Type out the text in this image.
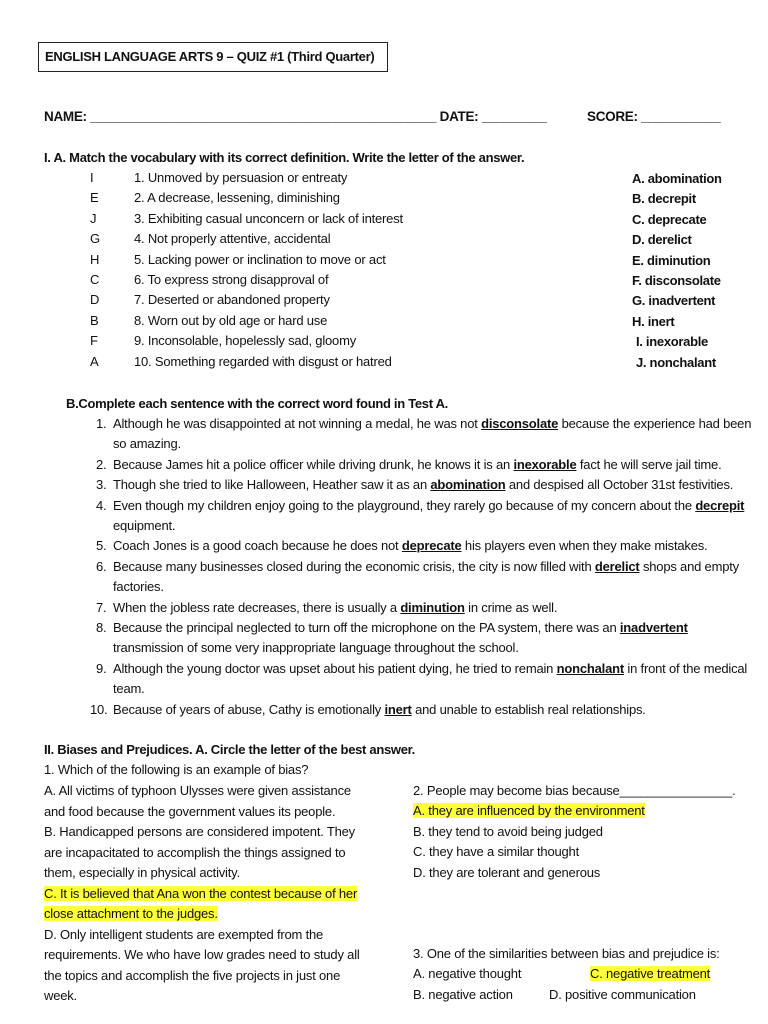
ENGLISH LANGUAGE ARTS 9 – QUIZ #1 (Third Quarter)
NAME: ________________________________________________ DATE: _________	SCORE: ___________
I. A. Match the vocabulary with its correct definition. Write the letter of the answer.
I	1. Unmoved by persuasion or entreaty	A. abomination
E	2. A decrease, lessening, diminishing	B. decrepit
J	3. Exhibiting casual unconcern or lack of interest	C. deprecate
G	4. Not properly attentive, accidental	D. derelict
H	5. Lacking power or inclination to move or act	E. diminution
C	6. To express strong disapproval of	F. disconsolate
D	7. Deserted or abandoned property	G. inadvertent
B	8. Worn out by old age or hard use	H. inert
F	9. Inconsolable, hopelessly sad, gloomy	I. inexorable
A	10. Something regarded with disgust or hatred	J. nonchalant
B.Complete each sentence with the correct word found in Test A.
1. Although he was disappointed at not winning a medal, he was not disconsolate because the experience had been
so amazing.
2. Because James hit a police officer while driving drunk, he knows it is an inexorable fact he will serve jail time.
3. Though she tried to like Halloween, Heather saw it as an abomination and despised all October 31st festivities.
4. Even though my children enjoy going to the playground, they rarely go because of my concern about the decrepit
equipment.
5. Coach Jones is a good coach because he does not deprecate his players even when they make mistakes.
6. Because many businesses closed during the economic crisis, the city is now filled with derelict shops and empty
factories.
7. When the jobless rate decreases, there is usually a diminution in crime as well.
8. Because the principal neglected to turn off the microphone on the PA system, there was an inadvertent
transmission of some very inappropriate language throughout the school.
9. Although the young doctor was upset about his patient dying, he tried to remain nonchalant in front of the medical
team.
10. Because of years of abuse, Cathy is emotionally inert and unable to establish real relationships.
II. Biases and Prejudices. A. Circle the letter of the best answer.
1. Which of the following is an example of bias?
A. All victims of typhoon Ulysses were given assistance
and food because the government values its people.
B. Handicapped persons are considered impotent. They
are incapacitated to accomplish the things assigned to
them, especially in physical activity.
C. It is believed that Ana won the contest because of her
close attachment to the judges.
D. Only intelligent students are exempted from the
requirements. We who have low grades need to study all
the topics and accomplish the five projects in just one
week.
2. People may become bias because________________.
A. they are influenced by the environment
B. they tend to avoid being judged
C. they have a similar thought
D. they are tolerant and generous
3. One of the similarities between bias and prejudice is:
A. negative thought	C. negative treatment
B. negative action	D. positive communication
